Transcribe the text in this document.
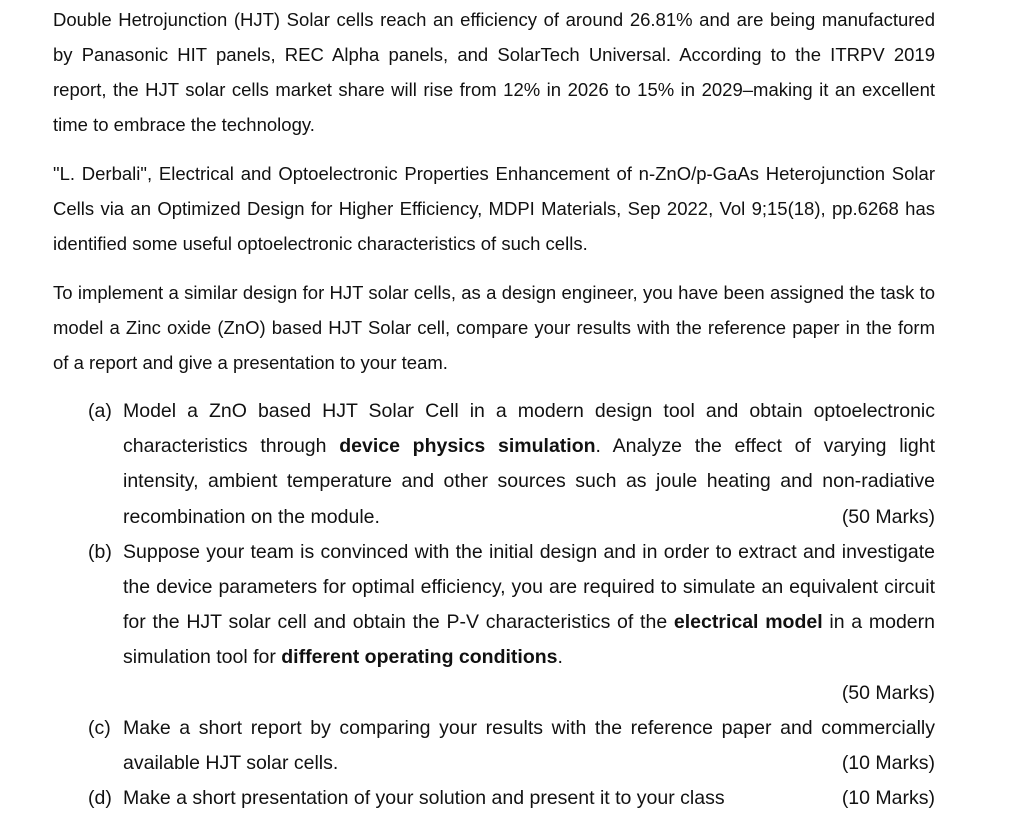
Double Hetrojunction (HJT) Solar cells reach an efficiency of around 26.81% and are being manufactured by Panasonic HIT panels, REC Alpha panels, and SolarTech Universal. According to the ITRPV 2019 report, the HJT solar cells market share will rise from 12% in 2026 to 15% in 2029–making it an excellent time to embrace the technology.

"L. Derbali", Electrical and Optoelectronic Properties Enhancement of n-ZnO/p-GaAs Heterojunction Solar Cells via an Optimized Design for Higher Efficiency, MDPI Materials, Sep 2022, Vol 9;15(18), pp.6268 has identified some useful optoelectronic characteristics of such cells.

To implement a similar design for HJT solar cells, as a design engineer, you have been assigned the task to model a Zinc oxide (ZnO) based HJT Solar cell, compare your results with the reference paper in the form of a report and give a presentation to your team.

(a) Model a ZnO based HJT Solar Cell in a modern design tool and obtain optoelectronic characteristics through device physics simulation. Analyze the effect of varying light intensity, ambient temperature and other sources such as joule heating and non-radiative recombination on the module.	(50 Marks)
(b) Suppose your team is convinced with the initial design and in order to extract and investigate the device parameters for optimal efficiency, you are required to simulate an equivalent circuit for the HJT solar cell and obtain the P-V characteristics of the electrical model in a modern simulation tool for different operating conditions.
(50 Marks)
(c) Make a short report by comparing your results with the reference paper and commercially available HJT solar cells.	(10 Marks)
(d) Make a short presentation of your solution and present it to your class	(10 Marks)
